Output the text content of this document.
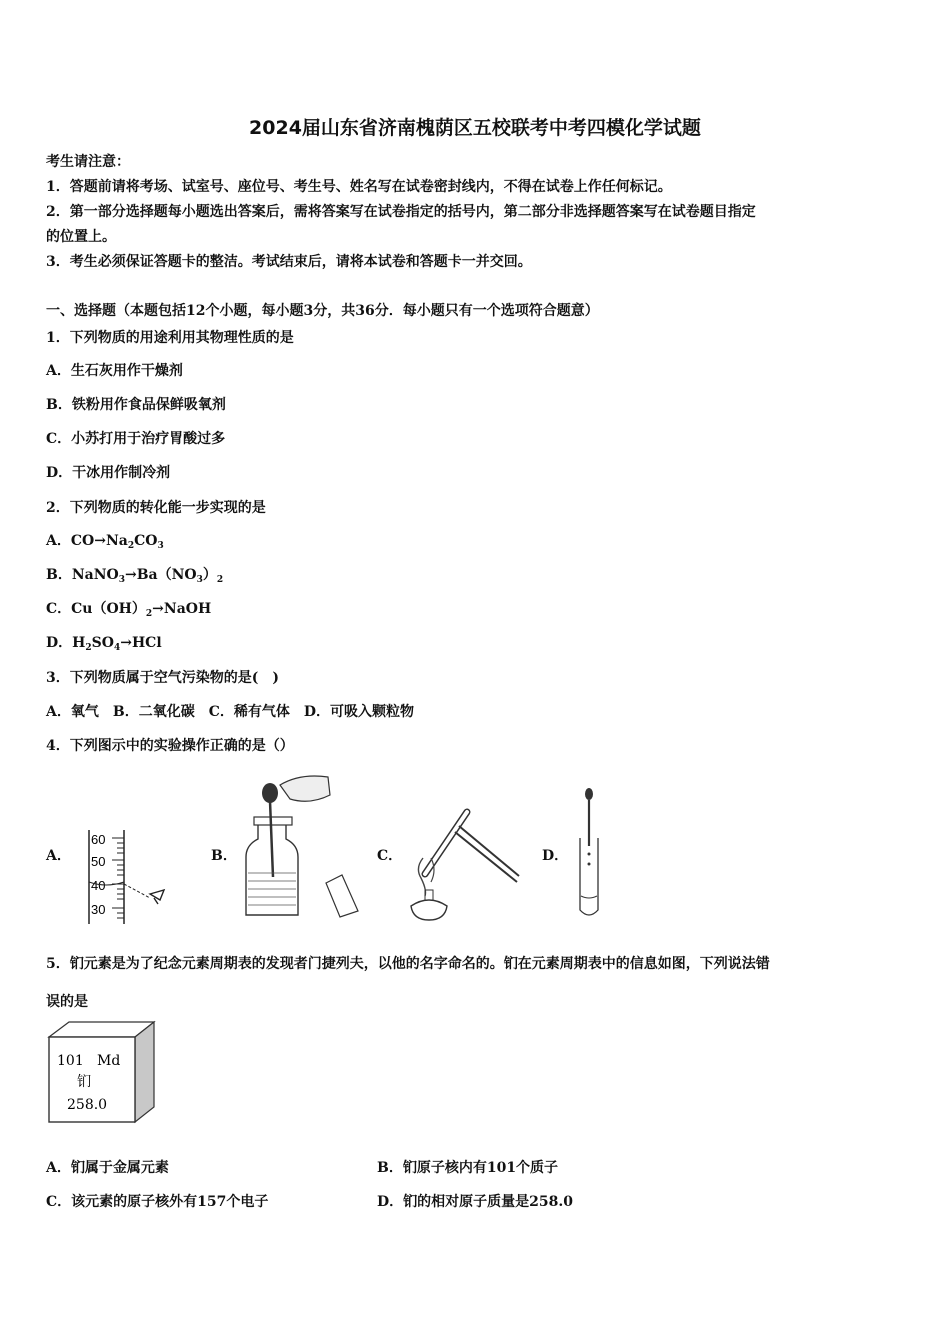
2024届山东省济南槐荫区五校联考中考四模化学试题
考生请注意：
1．答题前请将考场、试室号、座位号、考生号、姓名写在试卷密封线内，不得在试卷上作任何标记。
2．第一部分选择题每小题选出答案后，需将答案写在试卷指定的括号内，第二部分非选择题答案写在试卷题目指定
的位置上。
3．考生必须保证答题卡的整洁。考试结束后，请将本试卷和答题卡一并交回。
一、选择题（本题包括12个小题，每小题3分，共36分．每小题只有一个选项符合题意）
1．下列物质的用途利用其物理性质的是
A．生石灰用作干燥剂
B．铁粉用作食品保鲜吸氧剂
C．小苏打用于治疗胃酸过多
D．干冰用作制冷剂
2．下列物质的转化能一步实现的是
A．$CO\to Na_2CO_3$
B．$NaNO_3\to Ba(NO_3)_2$
C．$Cu(OH)_2\to NaOH$
D．$H_2SO_4\to HCl$
3．下列物质属于空气污染物的是(　)
A．氧气　B．二氧化碳　C．稀有气体　D．可吸入颗粒物
4．下列图示中的实验操作正确的是（）
A．	B．	C．	D．
60
50
40
30
5．钔元素是为了纪念元素周期表的发现者门捷列夫，以他的名字命名的。钔在元素周期表中的信息如图，下列说法错
误的是
101 Md
钔
258.0
A．钔属于金属元素	B．钔原子核内有101个质子
C．该元素的原子核外有157个电子	D．钔的相对原子质量是258.0
